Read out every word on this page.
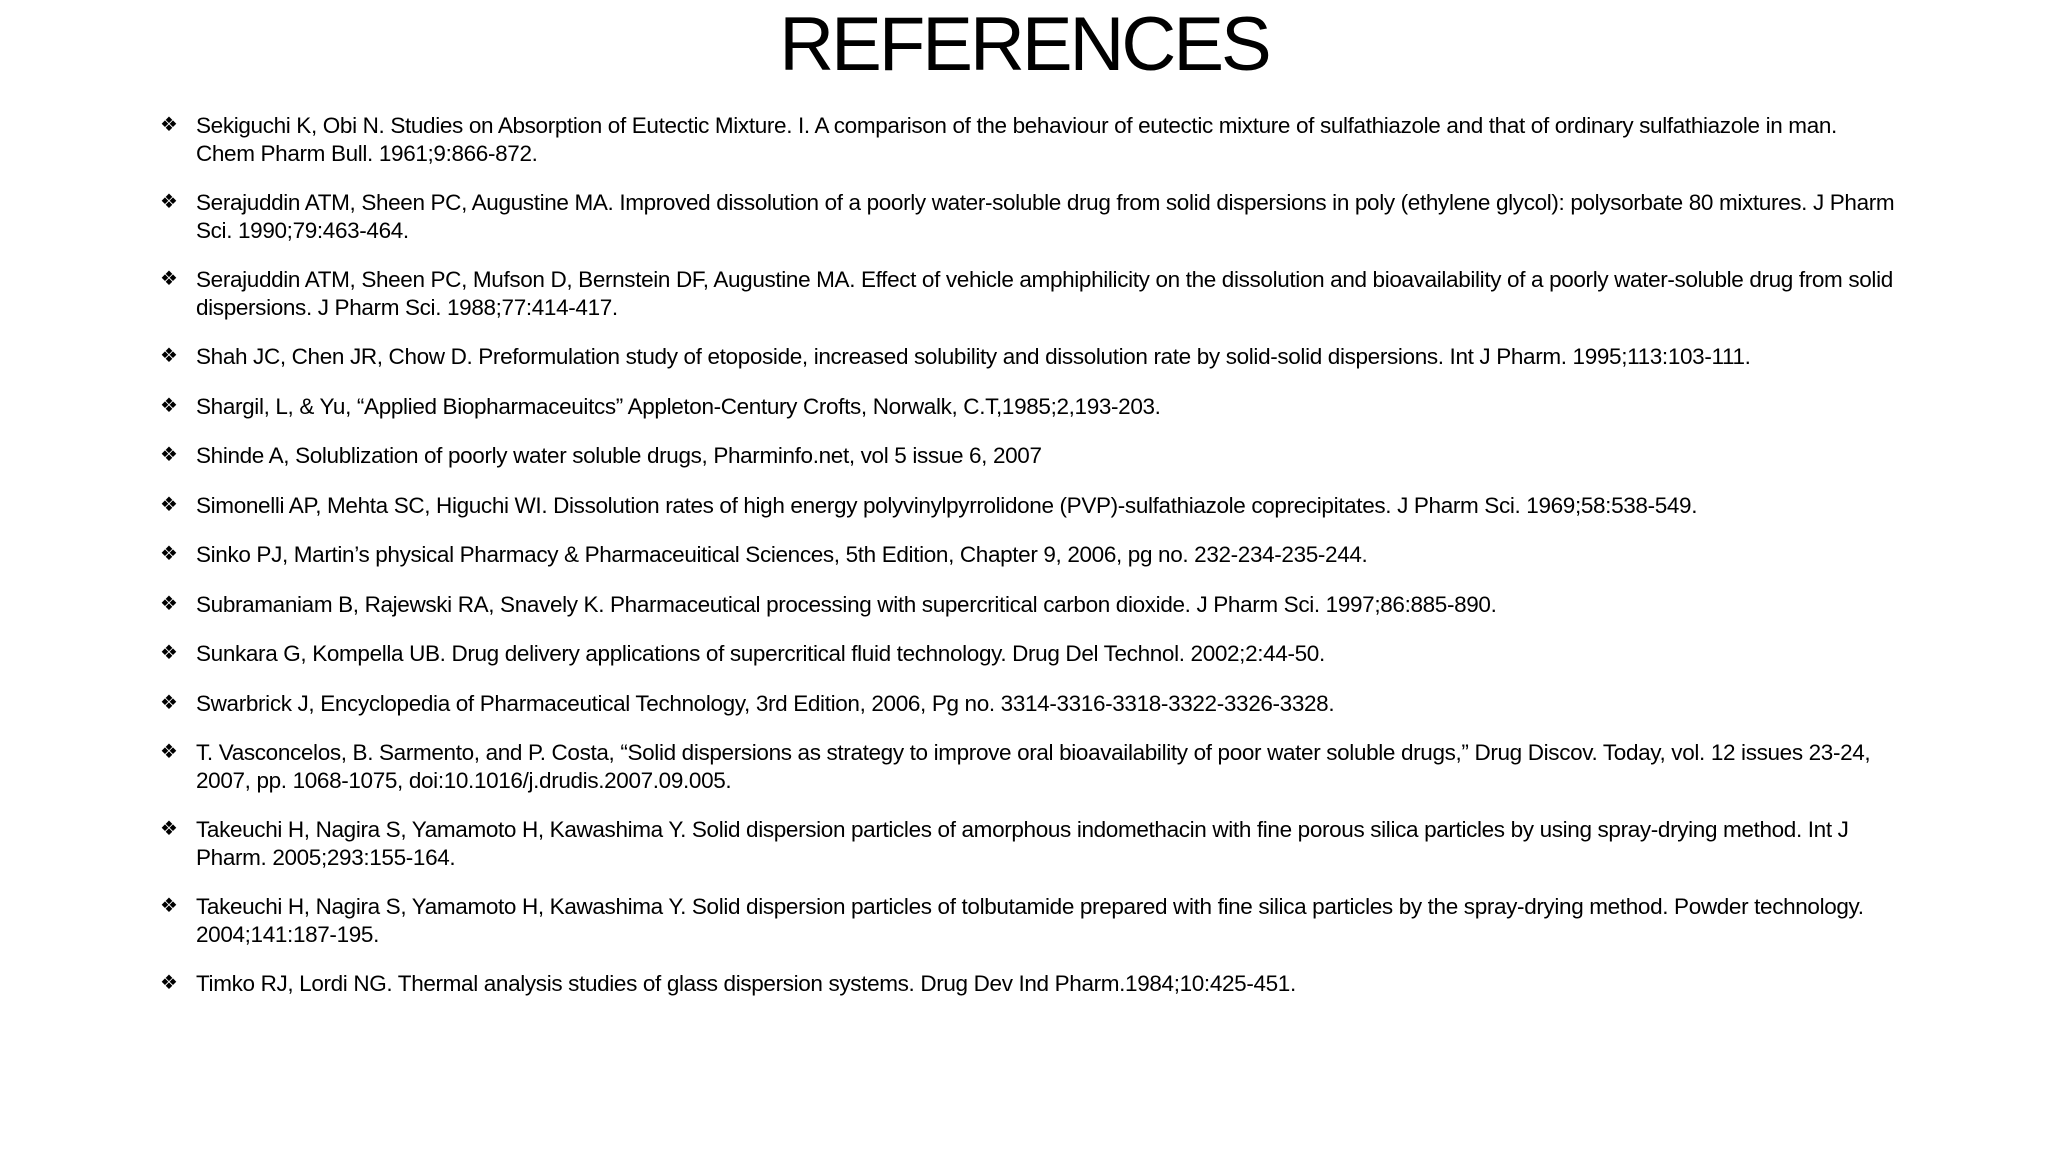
REFERENCES
❖ Sekiguchi K, Obi N. Studies on Absorption of Eutectic Mixture. I. A comparison of the behaviour of eutectic mixture of sulfathiazole and that of ordinary sulfathiazole in man. Chem Pharm Bull. 1961;9:866-872.
❖ Serajuddin ATM, Sheen PC, Augustine MA. Improved dissolution of a poorly water-soluble drug from solid dispersions in poly (ethylene glycol): polysorbate 80 mixtures. J Pharm Sci. 1990;79:463-464.
❖ Serajuddin ATM, Sheen PC, Mufson D, Bernstein DF, Augustine MA. Effect of vehicle amphiphilicity on the dissolution and bioavailability of a poorly water-soluble drug from solid dispersions. J Pharm Sci. 1988;77:414-417.
❖ Shah JC, Chen JR, Chow D. Preformulation study of etoposide, increased solubility and dissolution rate by solid-solid dispersions. Int J Pharm. 1995;113:103-111.
❖ Shargil, L, & Yu, “Applied Biopharmaceuitcs” Appleton-Century Crofts, Norwalk, C.T,1985;2,193-203.
❖ Shinde A, Solublization of poorly water soluble drugs, Pharminfo.net, vol 5 issue 6, 2007
❖ Simonelli AP, Mehta SC, Higuchi WI. Dissolution rates of high energy polyvinylpyrrolidone (PVP)-sulfathiazole coprecipitates. J Pharm Sci. 1969;58:538-549.
❖ Sinko PJ, Martin’s physical Pharmacy & Pharmaceuitical Sciences, 5th Edition, Chapter 9, 2006, pg no. 232-234-235-244.
❖ Subramaniam B, Rajewski RA, Snavely K. Pharmaceutical processing with supercritical carbon dioxide. J Pharm Sci. 1997;86:885-890.
❖ Sunkara G, Kompella UB. Drug delivery applications of supercritical fluid technology. Drug Del Technol. 2002;2:44-50.
❖ Swarbrick J, Encyclopedia of Pharmaceutical Technology, 3rd Edition, 2006, Pg no. 3314-3316-3318-3322-3326-3328.
❖ T. Vasconcelos, B. Sarmento, and P. Costa, “Solid dispersions as strategy to improve oral bioavailability of poor water soluble drugs,” Drug Discov. Today, vol. 12 issues 23-24, 2007, pp. 1068-1075, doi:10.1016/j.drudis.2007.09.005.
❖ Takeuchi H, Nagira S, Yamamoto H, Kawashima Y. Solid dispersion particles of amorphous indomethacin with fine porous silica particles by using spray-drying method. Int J Pharm. 2005;293:155-164.
❖ Takeuchi H, Nagira S, Yamamoto H, Kawashima Y. Solid dispersion particles of tolbutamide prepared with fine silica particles by the spray-drying method. Powder technology. 2004;141:187-195.
❖ Timko RJ, Lordi NG. Thermal analysis studies of glass dispersion systems. Drug Dev Ind Pharm.1984;10:425-451.
